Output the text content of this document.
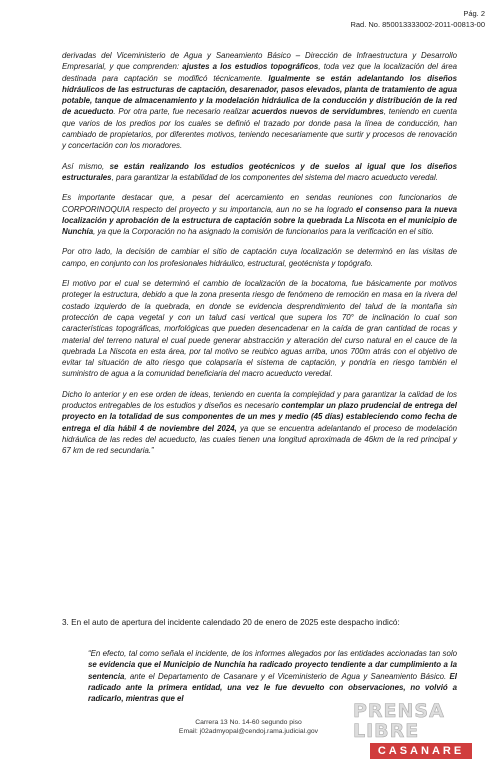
Pág. 2
Rad. No. 850013333002-2011-00813-00

derivadas del Viceministerio de Agua y Saneamiento Básico – Dirección de Infraestructura y Desarrollo Empresarial, y que comprenden: ajustes a los estudios topográficos, toda vez que la localización del área destinada para captación se modificó técnicamente. Igualmente se están adelantando los diseños hidráulicos de las estructuras de captación, desarenador, pasos elevados, planta de tratamiento de agua potable, tanque de almacenamiento y la modelación hidráulica de la conducción y distribución de la red de acueducto. Por otra parte, fue necesario realizar acuerdos nuevos de servidumbres, teniendo en cuenta que varios de los predios por los cuales se definió el trazado por donde pasa la línea de conducción, han cambiado de propietarios, por diferentes motivos, teniendo necesariamente que surtir y procesos de renovación y concertación con los moradores.

Así mismo, se están realizando los estudios geotécnicos y de suelos al igual que los diseños estructurales, para garantizar la estabilidad de los componentes del sistema del macro acueducto veredal.

Es importante destacar que, a pesar del acercamiento en sendas reuniones con funcionarios de CORPORINOQUIA respecto del proyecto y su importancia, aun no se ha logrado el consenso para la nueva localización y aprobación de la estructura de captación sobre la quebrada La Niscota en el municipio de Nunchía, ya que la Corporación no ha asignado la comisión de funcionarios para la verificación en el sitio.

Por otro lado, la decisión de cambiar el sitio de captación cuya localización se determinó en las visitas de campo, en conjunto con los profesionales hidráulico, estructural, geotécnista y topógrafo.

El motivo por el cual se determinó el cambio de localización de la bocatoma, fue básicamente por motivos proteger la estructura, debido a que la zona presenta riesgo de fenómeno de remoción en masa en la rivera del costado izquierdo de la quebrada, en donde se evidencia desprendimiento del talud de la montaña sin protección de capa vegetal y con un talud casi vertical que supera los 70° de inclinación lo cual son características topográficas, morfológicas que pueden desencadenar en la caída de gran cantidad de rocas y material del terreno natural el cual puede generar abstracción y alteración del curso natural en el cauce de la quebrada La Niscota en esta área, por tal motivo se reubico aguas arriba, unos 700m atrás con el objetivo de evitar tal situación de alto riesgo que colapsaría el sistema de captación, y pondría en riesgo también el suministro de agua a la comunidad beneficiaria del macro acueducto veredal.

Dicho lo anterior y en ese orden de ideas, teniendo en cuenta la complejidad y para garantizar la calidad de los productos entregables de los estudios y diseños es necesario contemplar un plazo prudencial de entrega del proyecto en la totalidad de sus componentes de un mes y medio (45 días) estableciendo como fecha de entrega el día hábil 4 de noviembre del 2024, ya que se encuentra adelantando el proceso de modelación hidráulica de las redes del acueducto, las cuales tienen una longitud aproximada de 46km de la red principal y 67 km de red secundaria.”

3. En el auto de apertura del incidente calendado 20 de enero de 2025 este despacho indicó:
“En efecto, tal como señala el incidente, de los informes allegados por las entidades accionadas tan solo se evidencia que el Municipio de Nunchía ha radicado proyecto tendiente a dar cumplimiento a la sentencia, ante el Departamento de Casanare y el Viceministerio de Agua y Saneamiento Básico. El radicado ante la primera entidad, una vez le fue devuelto con observaciones, no volvió a radicarlo, mientras que el
Carrera 13 No. 14-60 segundo piso
Email: j02admyopal@cendoj.rama.judicial.gov
PRENSA LIBRE
CASANARE
